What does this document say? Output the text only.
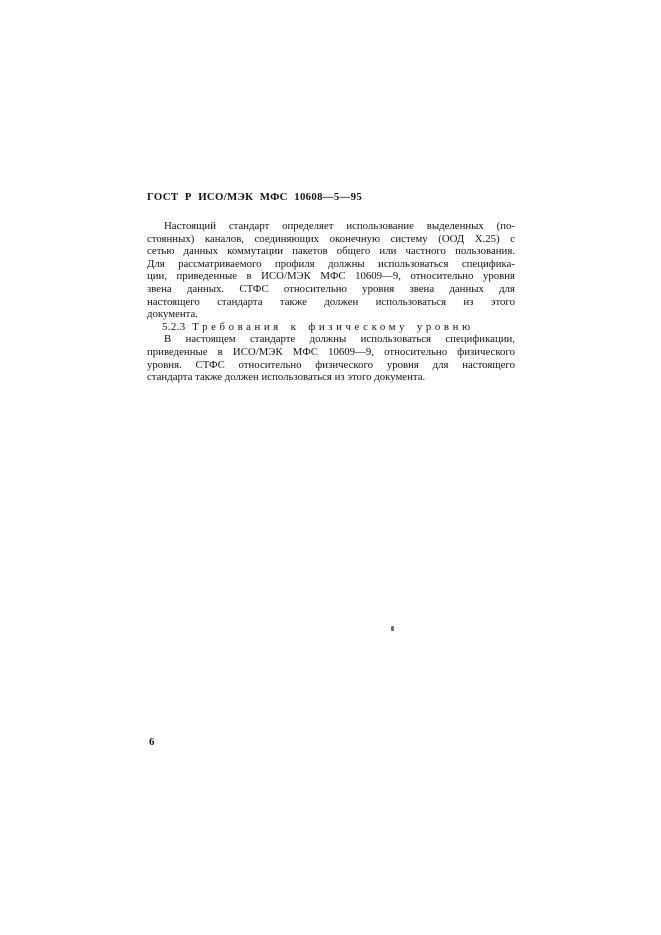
ГОСТ Р ИСО/МЭК МФС 10608—5—95
Настоящий стандарт определяет использование выделенных (по-
стоянных) каналов, соединяющих оконечную систему (ООД Х.25) с
сетью данных коммутации пакетов общего или частного пользования.
Для рассматриваемого профиля должны использоваться специфика-
ции, приведенные в ИСО/МЭК МФС 10609—9, относительно уровня
звена данных. СТФС относительно уровня звена данных для
настоящего стандарта также должен использоваться из этого
документа.
5.2.3 Требования к физическому уровню
В настоящем стандарте должны использоваться спецификации,
приведенные в ИСО/МЭК МФС 10609—9, относительно физического
уровня. СТФС относительно физического уровня для настоящего
стандарта также должен использоваться из этого документа.
6
